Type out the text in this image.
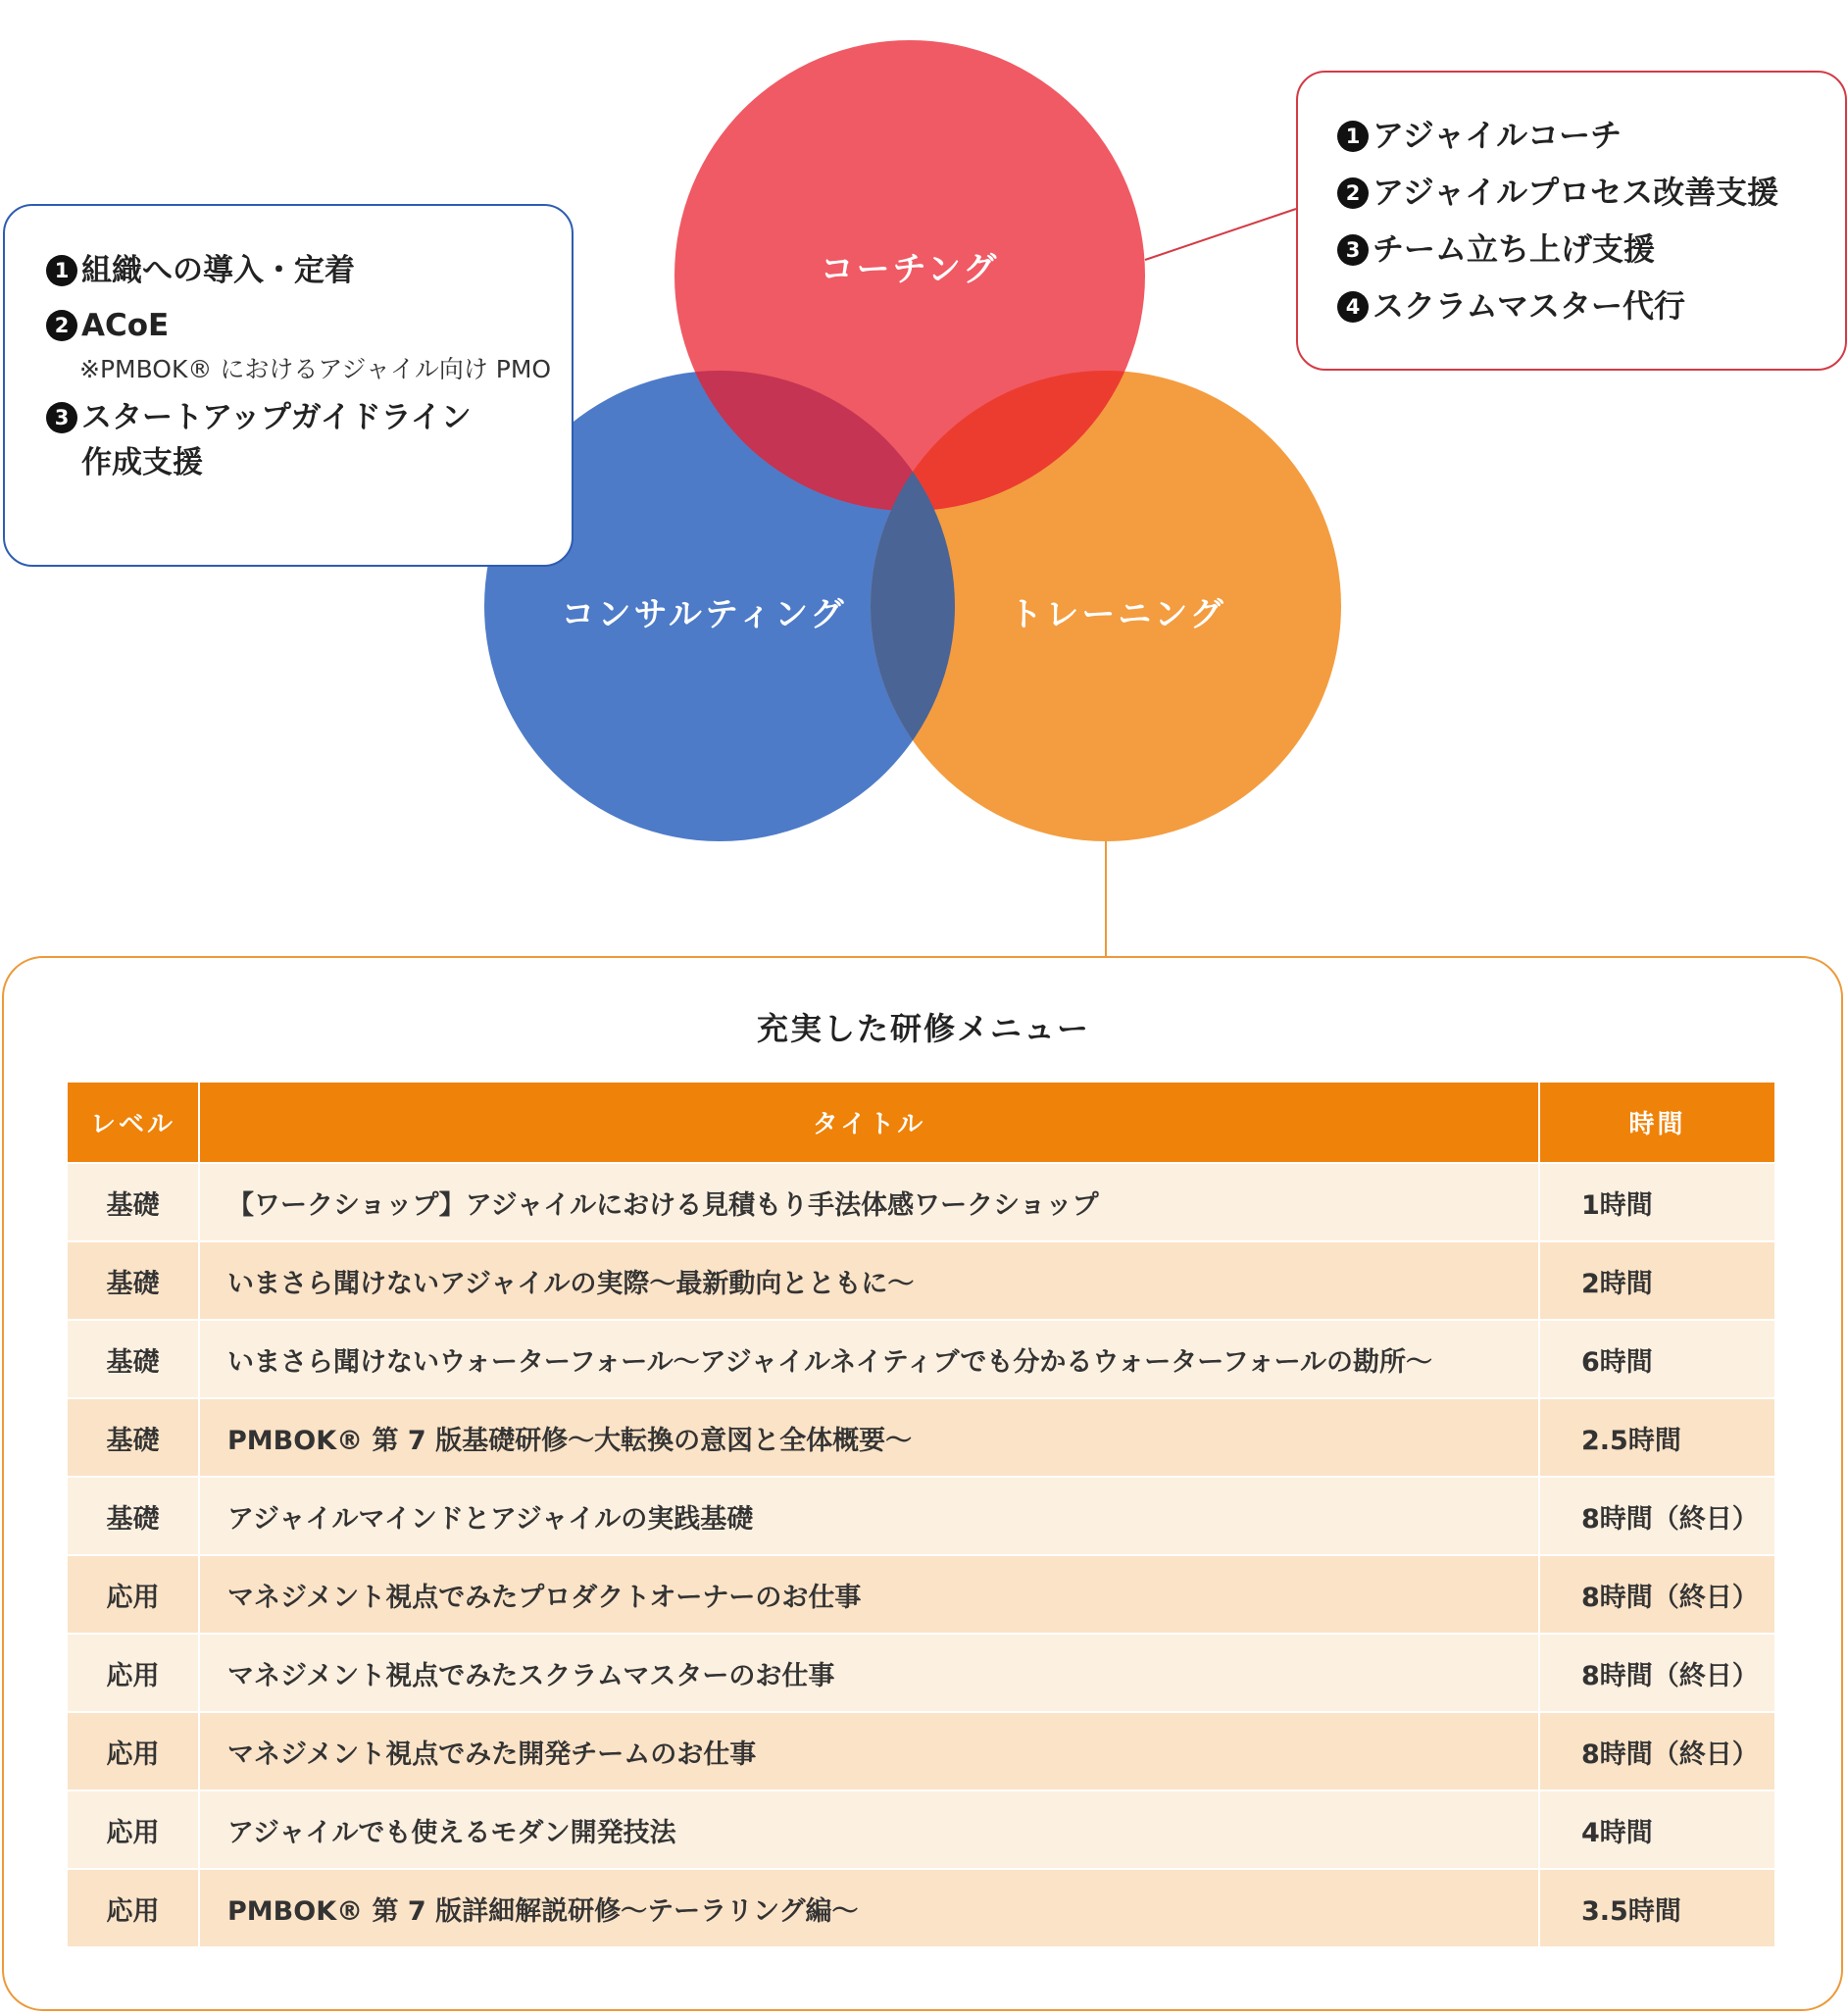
コーチング
コンサルティング	トレーニング
1 組織への導入・定着
2 ACoE
※PMBOK® におけるアジャイル向け PMO
3 スタートアップガイドライン
作成支援
1 アジャイルコーチ
2 アジャイルプロセス改善支援
3 チーム立ち上げ支援
4 スクラムマスター代行
充実した研修メニュー
レベル	タイトル	時間
基礎	【ワークショップ】アジャイルにおける見積もり手法体感ワークショップ	1時間
基礎	いまさら聞けないアジャイルの実際〜最新動向とともに〜	2時間
基礎	いまさら聞けないウォーターフォール〜アジャイルネイティブでも分かるウォーターフォールの勘所〜	6時間
基礎	PMBOK® 第 7 版基礎研修〜大転換の意図と全体概要〜	2.5時間
基礎	アジャイルマインドとアジャイルの実践基礎	8時間（終日）
応用	マネジメント視点でみたプロダクトオーナーのお仕事	8時間（終日）
応用	マネジメント視点でみたスクラムマスターのお仕事	8時間（終日）
応用	マネジメント視点でみた開発チームのお仕事	8時間（終日）
応用	アジャイルでも使えるモダン開発技法	4時間
応用	PMBOK® 第 7 版詳細解説研修〜テーラリング編〜	3.5時間
